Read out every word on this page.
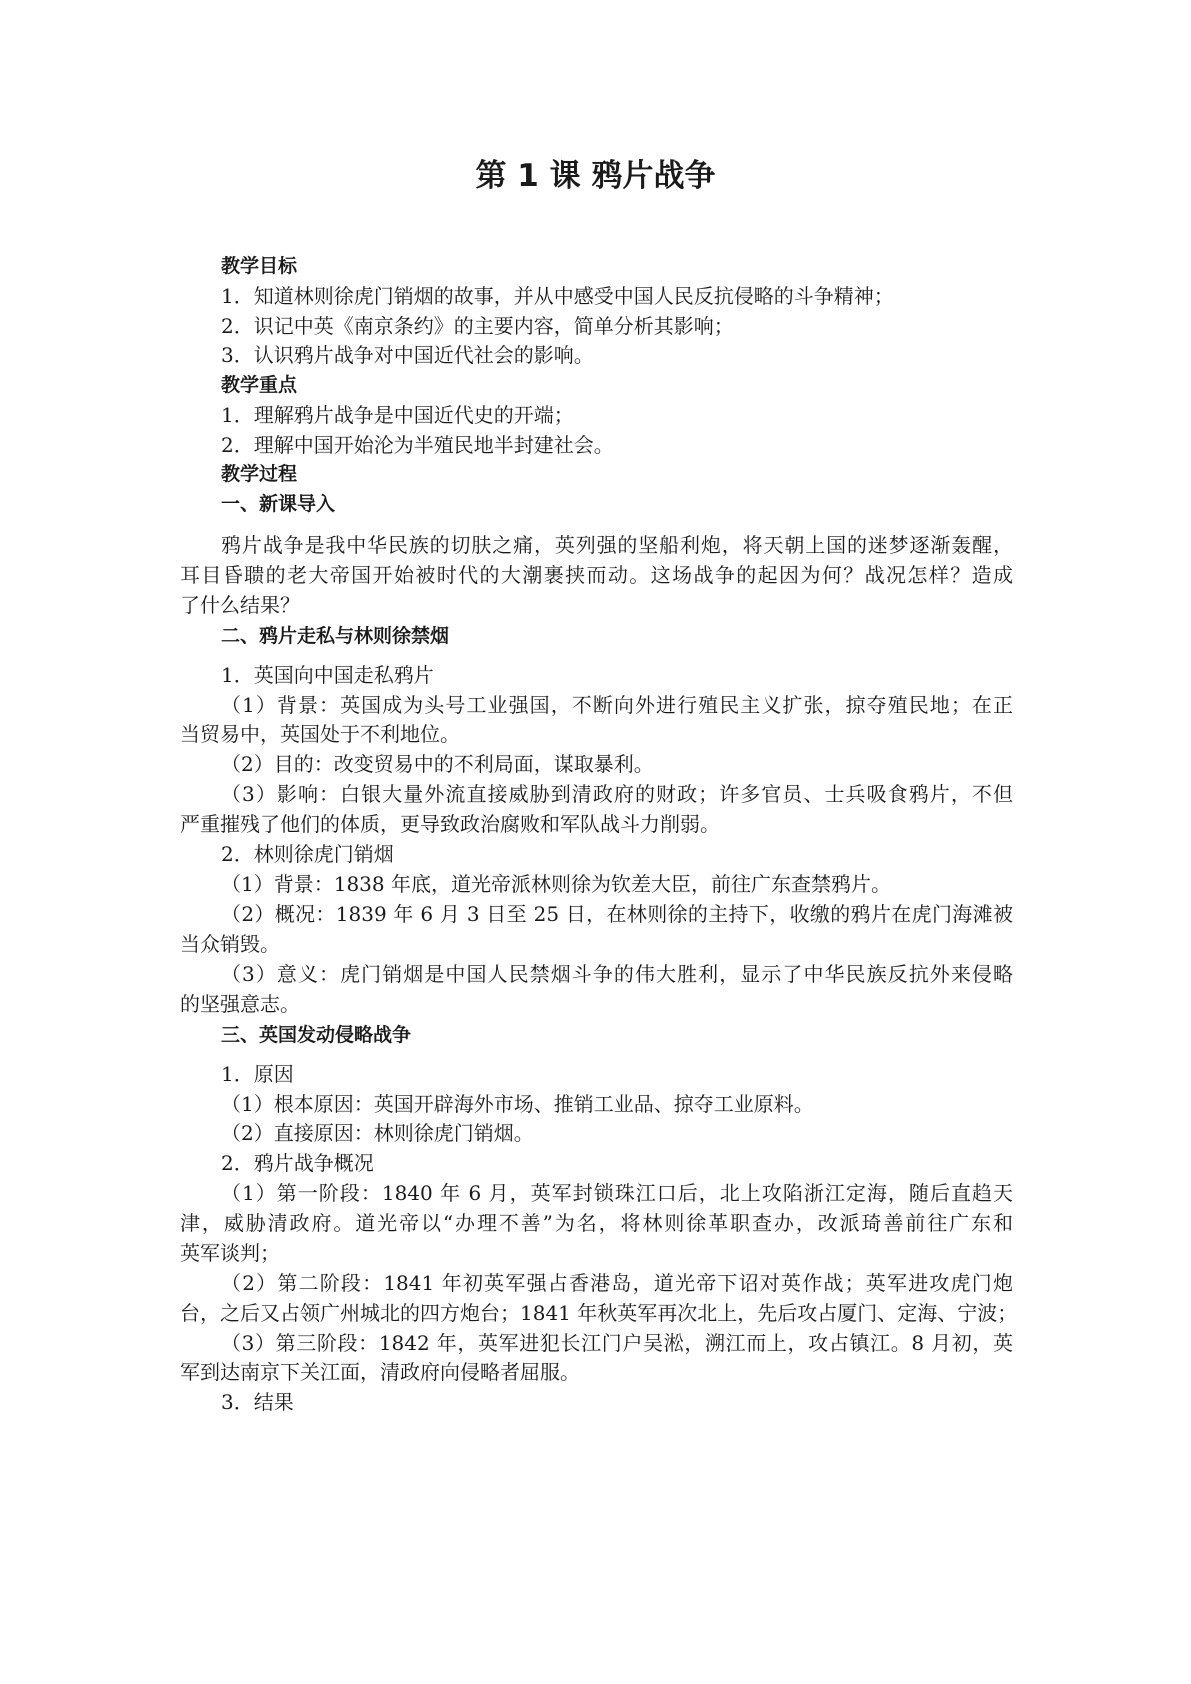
第 1 课 鸦片战争
教学目标
1．知道林则徐虎门销烟的故事，并从中感受中国人民反抗侵略的斗争精神；
2．识记中英《南京条约》的主要内容，简单分析其影响；
3．认识鸦片战争对中国近代社会的影响。
教学重点
1．理解鸦片战争是中国近代史的开端；
2．理解中国开始沦为半殖民地半封建社会。
教学过程
一、新课导入
鸦片战争是我中华民族的切肤之痛，英列强的坚船利炮，将天朝上国的迷梦逐渐轰醒，
耳目昏聩的老大帝国开始被时代的大潮裹挟而动。这场战争的起因为何？战况怎样？造成
了什么结果？
二、鸦片走私与林则徐禁烟
1．英国向中国走私鸦片
（1）背景：英国成为头号工业强国，不断向外进行殖民主义扩张，掠夺殖民地；在正
当贸易中，英国处于不利地位。
（2）目的：改变贸易中的不利局面，谋取暴利。
（3）影响：白银大量外流直接威胁到清政府的财政；许多官员、士兵吸食鸦片，不但
严重摧残了他们的体质，更导致政治腐败和军队战斗力削弱。
2．林则徐虎门销烟
（1）背景：1838 年底，道光帝派林则徐为钦差大臣，前往广东查禁鸦片。
（2）概况：1839 年 6 月 3 日至 25 日，在林则徐的主持下，收缴的鸦片在虎门海滩被
当众销毁。
（3）意义：虎门销烟是中国人民禁烟斗争的伟大胜利，显示了中华民族反抗外来侵略
的坚强意志。
三、英国发动侵略战争
1．原因
（1）根本原因：英国开辟海外市场、推销工业品、掠夺工业原料。
（2）直接原因：林则徐虎门销烟。
2．鸦片战争概况
（1）第一阶段：1840 年 6 月，英军封锁珠江口后，北上攻陷浙江定海，随后直趋天
津，威胁清政府。道光帝以“办理不善”为名，将林则徐革职查办，改派琦善前往广东和
英军谈判；
（2）第二阶段：1841 年初英军强占香港岛，道光帝下诏对英作战；英军进攻虎门炮
台，之后又占领广州城北的四方炮台；1841 年秋英军再次北上，先后攻占厦门、定海、宁波；
（3）第三阶段：1842 年，英军进犯长江门户吴淞，溯江而上，攻占镇江。8 月初，英
军到达南京下关江面，清政府向侵略者屈服。
3．结果
